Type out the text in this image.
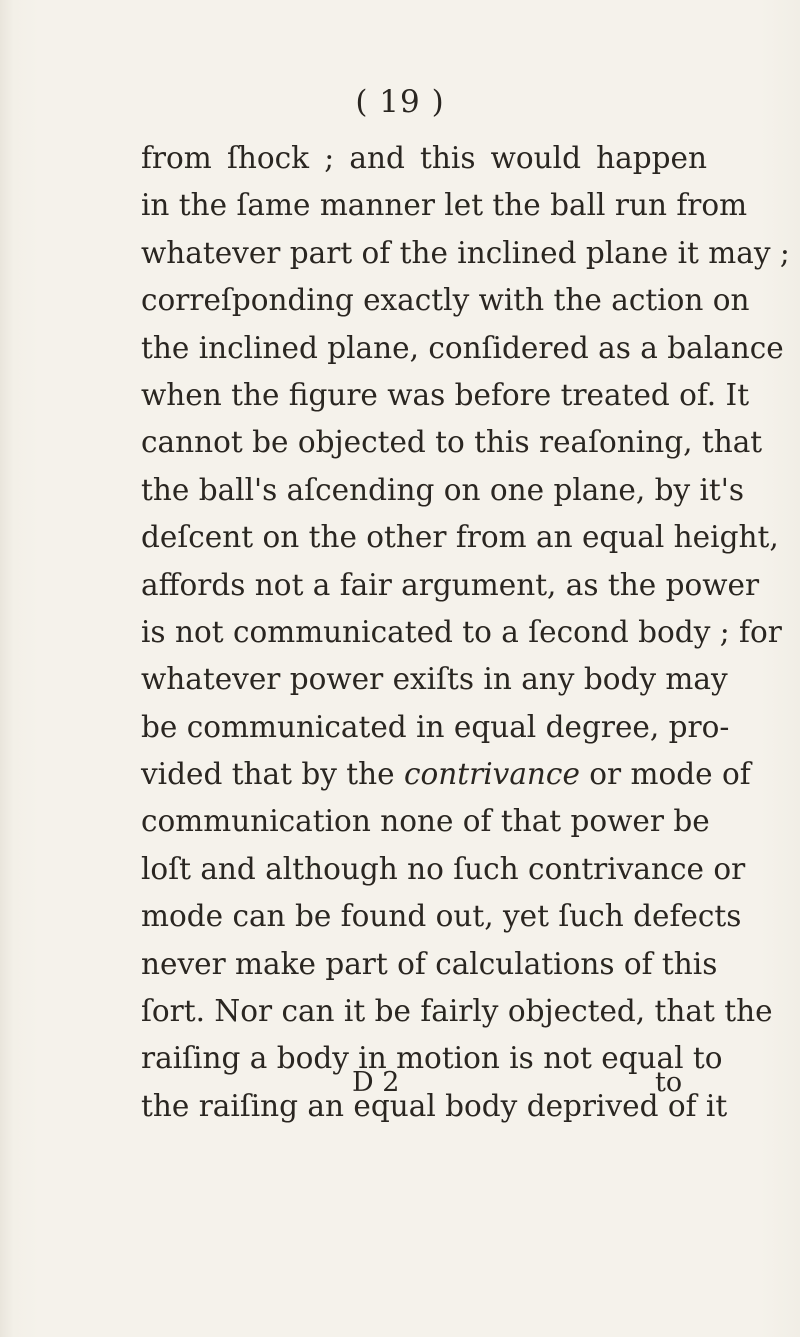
( 19 )
from ſhock ; and this would happen
in the ſame manner let the ball run from
whatever part of the inclined plane it may ;
correſponding exactly with the action on
the inclined plane, conſidered as a balance
when the figure was before treated of. It
cannot be objected to this reaſoning, that
the ball's aſcending on one plane, by it's
deſcent on the other from an equal height,
affords not a fair argument, as the power
is not communicated to a ſecond body ; for
whatever power exiſts in any body may
be communicated in equal degree, pro-
vided that by the contrivance or mode of
communication none of that power be
loſt and although no ſuch contrivance or
mode can be found out, yet ſuch defects
never make part of calculations of this
ſort. Nor can it be fairly objected, that the
raiſing a body in motion is not equal to
the raiſing an equal body deprived of it
D 2	to
